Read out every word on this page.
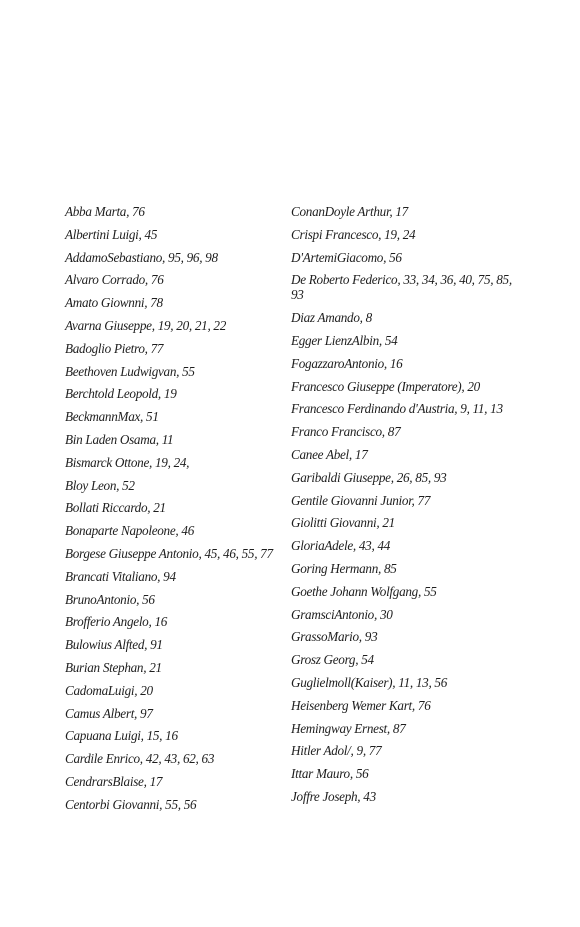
Abba Marta, 76
Albertini Luigi, 45
AddamoSebastiano, 95, 96, 98
Alvaro Corrado, 76
Amato Giownni, 78
Avarna Giuseppe, 19, 20, 21, 22
Badoglio Pietro, 77
Beethoven Ludwigvan, 55
Berchtold Leopold, 19
BeckmannMax, 51
Bin Laden Osama, 11
Bismarck Ottone, 19, 24,
Bloy Leon, 52
Bollati Riccardo, 21
Bonaparte Napoleone, 46
Borgese Giuseppe Antonio, 45, 46, 55, 77
Brancati Vitaliano, 94
BrunoAntonio, 56
Brofferio Angelo, 16
Bulowius Alfted, 91
Burian Stephan, 21
CadomaLuigi, 20
Camus Albert, 97
Capuana Luigi, 15, 16
Cardile Enrico, 42, 43, 62, 63
CendrarsBlaise, 17
Centorbi Giovanni, 55, 56
ConanDoyle Arthur, 17
Crispi Francesco, 19, 24
D'ArtemiGiacomo, 56
De Roberto Federico, 33, 34, 36, 40, 75, 85, 93
Diaz Amando, 8
Egger LienzAlbin, 54
FogazzaroAntonio, 16
Francesco Giuseppe (Imperatore), 20
Francesco Ferdinando d'Austria, 9, 11, 13
Franco Francisco, 87
Canee Abel, 17
Garibaldi Giuseppe, 26, 85, 93
Gentile Giovanni Junior, 77
Giolitti Giovanni, 21
GloriaAdele, 43, 44
Goring Hermann, 85
Goethe Johann Wolfgang, 55
GramsciAntonio, 30
GrassoMario, 93
Grosz Georg, 54
Guglielmoll(Kaiser), 11, 13, 56
Heisenberg Wemer Kart, 76
Hemingway Ernest, 87
Hitler Adol/, 9, 77
Ittar Mauro, 56
Joffre Joseph, 43
